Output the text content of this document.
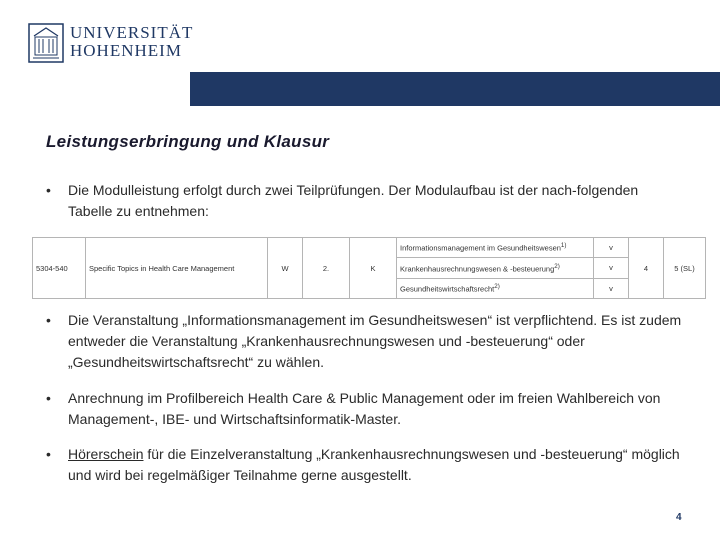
UNIVERSITÄT
HOHENHEIM
Leistungserbringung und Klausur
• Die Modulleistung erfolgt durch zwei Teilprüfungen. Der Modulaufbau ist der nach-folgenden Tabelle zu entnehmen:
5304-540	Specific Topics in Health Care Management	W	2.	K	Informationsmanagement im Gesundheitswesen$^{1)}$	v	4	5 (SL)
					Krankenhausrechnungswesen & -besteuerung$^{2)}$	v		
					Gesundheitswirtschaftsrecht$^{2)}$	v		
• Die Veranstaltung „Informationsmanagement im Gesundheitswesen“ ist verpflichtend. Es ist zudem entweder die Veranstaltung „Krankenhausrechnungswesen und -besteuerung“ oder „Gesundheitswirtschaftsrecht“ zu wählen.
• Anrechnung im Profilbereich Health Care & Public Management oder im freien Wahlbereich von Management-, IBE- und Wirtschaftsinformatik-Master.
• Hörerschein für die Einzelveranstaltung „Krankenhausrechnungswesen und -besteuerung“ möglich und wird bei regelmäßiger Teilnahme gerne ausgestellt.
4
